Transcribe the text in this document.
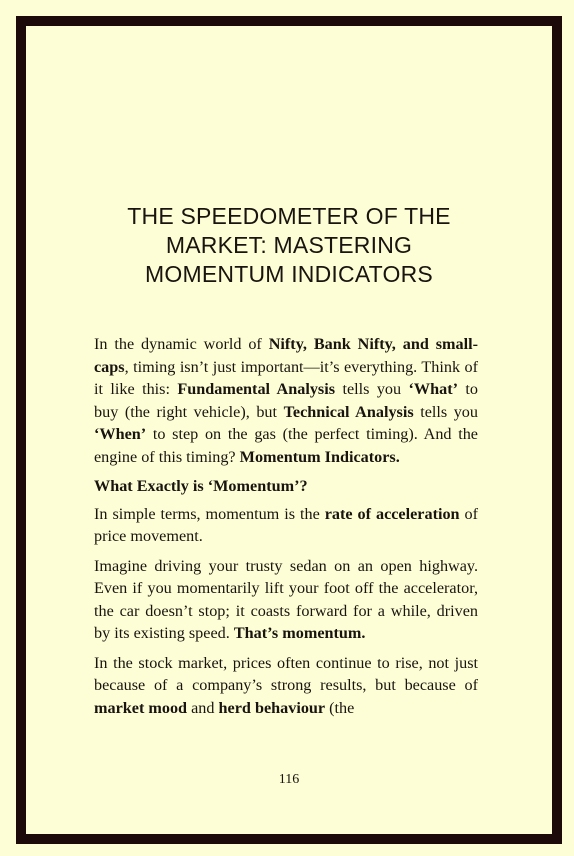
THE SPEEDOMETER OF THE
MARKET: MASTERING
MOMENTUM INDICATORS

In the dynamic world of Nifty, Bank Nifty, and small-caps, timing isn’t just important—it’s everything. Think of it like this: Fundamental Analysis tells you ‘What’ to buy (the right vehicle), but Technical Analysis tells you ‘When’ to step on the gas (the perfect timing). And the engine of this timing? Momentum Indicators.

What Exactly is ‘Momentum’?

In simple terms, momentum is the rate of acceleration of price movement.

Imagine driving your trusty sedan on an open highway. Even if you momentarily lift your foot off the accelerator, the car doesn’t stop; it coasts forward for a while, driven by its existing speed. That’s momentum.

In the stock market, prices often continue to rise, not just because of a company’s strong results, but because of market mood and herd behaviour (the

116
